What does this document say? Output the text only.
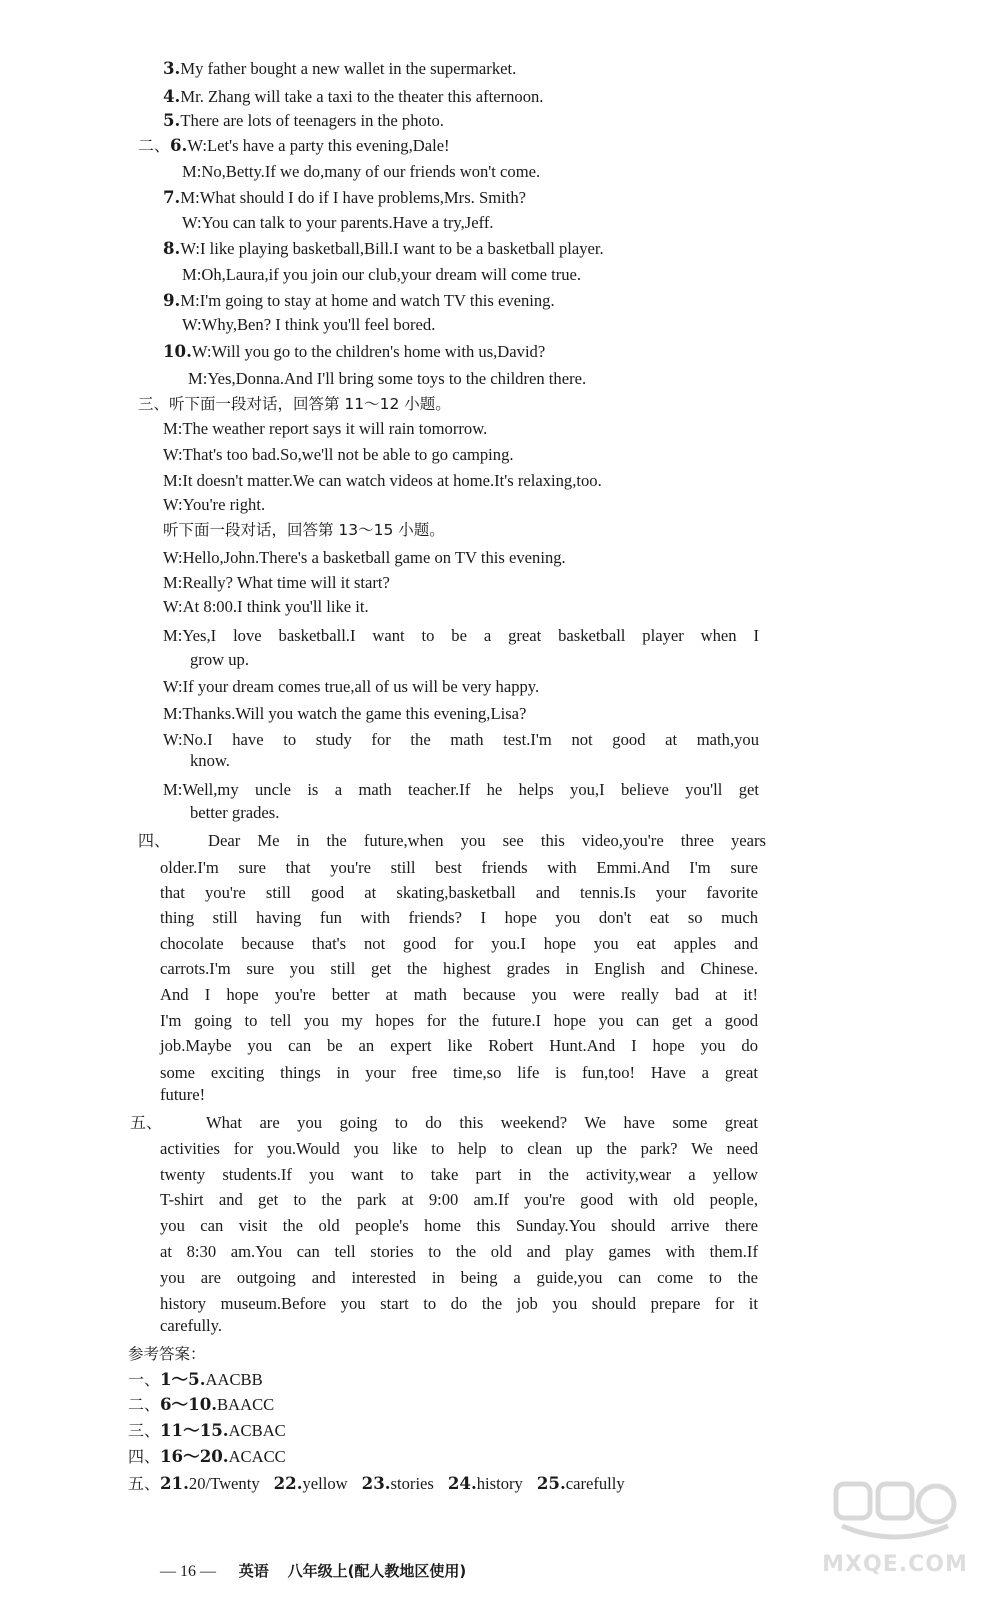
3.My father bought a new wallet in the supermarket.
4.Mr. Zhang will take a taxi to the theater this afternoon.
5.There are lots of teenagers in the photo.
二、6.W:Let's have a party this evening,Dale!
M:No,Betty.If we do,many of our friends won't come.
7.M:What should I do if I have problems,Mrs. Smith?
W:You can talk to your parents.Have a try,Jeff.
8.W:I like playing basketball,Bill.I want to be a basketball player.
M:Oh,Laura,if you join our club,your dream will come true.
9.M:I'm going to stay at home and watch TV this evening.
W:Why,Ben? I think you'll feel bored.
10.W:Will you go to the children's home with us,David?
M:Yes,Donna.And I'll bring some toys to the children there.
三、听下面一段对话，回答第 11～12 小题。
M:The weather report says it will rain tomorrow.
W:That's too bad.So,we'll not be able to go camping.
M:It doesn't matter.We can watch videos at home.It's relaxing,too.
W:You're right.
听下面一段对话，回答第 13～15 小题。
W:Hello,John.There's a basketball game on TV this evening.
M:Really? What time will it start?
W:At 8:00.I think you'll like it.
M:Yes,I love basketball.I want to be a great basketball player when I
grow up.
W:If your dream comes true,all of us will be very happy.
M:Thanks.Will you watch the game this evening,Lisa?
W:No.I have to study for the math test.I'm not good at math,you
know.
M:Well,my uncle is a math teacher.If he helps you,I believe you'll get
better grades.
四、 Dear Me in the future,when you see this video,you're three years
older.I'm sure that you're still best friends with Emmi.And I'm sure
that you're still good at skating,basketball and tennis.Is your favorite
thing still having fun with friends? I hope you don't eat so much
chocolate because that's not good for you.I hope you eat apples and
carrots.I'm sure you still get the highest grades in English and Chinese.
And I hope you're better at math because you were really bad at it!
I'm going to tell you my hopes for the future.I hope you can get a good
job.Maybe you can be an expert like Robert Hunt.And I hope you do
some exciting things in your free time,so life is fun,too! Have a great
future!
五、	What are you going to do this weekend? We have some great
activities for you.Would you like to help to clean up the park? We need
twenty students.If you want to take part in the activity,wear a yellow
T-shirt and get to the park at 9:00 am.If you're good with old people,
you can visit the old people's home this Sunday.You should arrive there
at 8:30 am.You can tell stories to the old and play games with them.If
you are outgoing and interested in being a guide,you can come to the
history museum.Before you start to do the job you should prepare for it
carefully.
参考答案：
一、1～5.AACBB
二、6～10.BAACC
三、11～15.ACBAC
四、16～20.ACACC
五、21.20/Twenty 22.yellow 23.stories 24.history 25.carefully
— 16 — 英语 八年级上(配人教地区使用)	MXQE.COM
